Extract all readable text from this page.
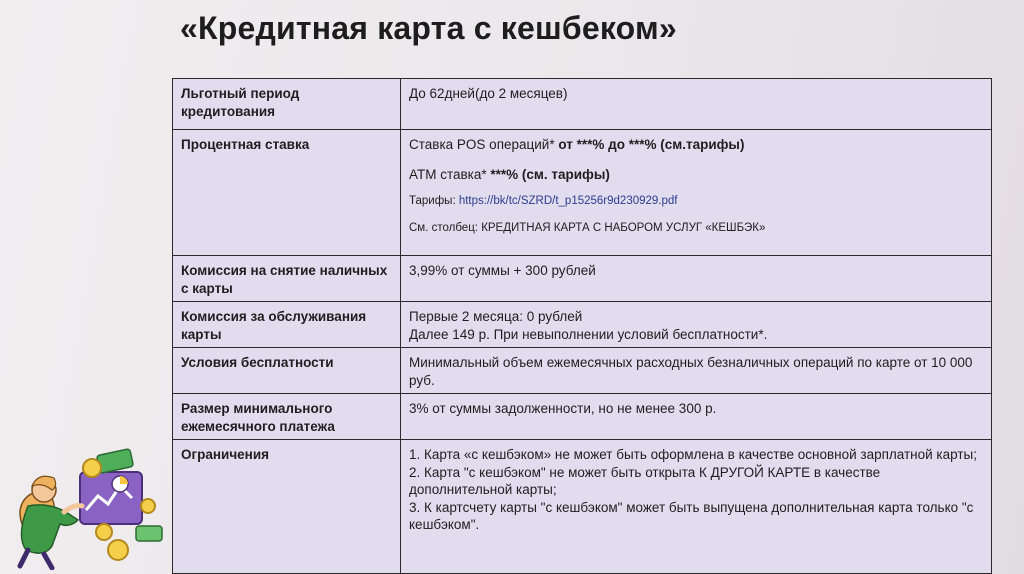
«Кредитная карта с кешбеком»
Льготный период кредитования	До 62дней(до 2 месяцев)
Процентная ставка	Ставка POS операций* от ***% до ***% (см.тарифы)
АТМ ставка* ***% (см. тарифы)
Тарифы: https://bk/tc/SZRD/t_p15256r9d230929.pdf
См. столбец: КРЕДИТНАЯ КАРТА С НАБОРОМ УСЛУГ «КЕШБЭК»

Комиссия на снятие наличных с карты	3,99% от суммы + 300 рублей
Комиссия за обслуживания карты	Первые 2 месяца: 0 рублей
Далее 149 р. При невыполнении условий бесплатности*.

Условия бесплатности	Минимальный объем ежемесячных расходных безналичных операций по карте от 10 000 руб.
Размер минимального ежемесячного платежа	3% от суммы задолженности, но не менее 300 р.
Ограничения	1. Карта «с кешбэком» не может быть оформлена в качестве основной зарплатной карты;
2. Карта "с кешбэком" не может быть открыта К ДРУГОЙ КАРТЕ в качестве дополнительной карты;
3. К картсчету карты "с кешбэком" может быть выпущена дополнительная карта только "с кешбэком".
